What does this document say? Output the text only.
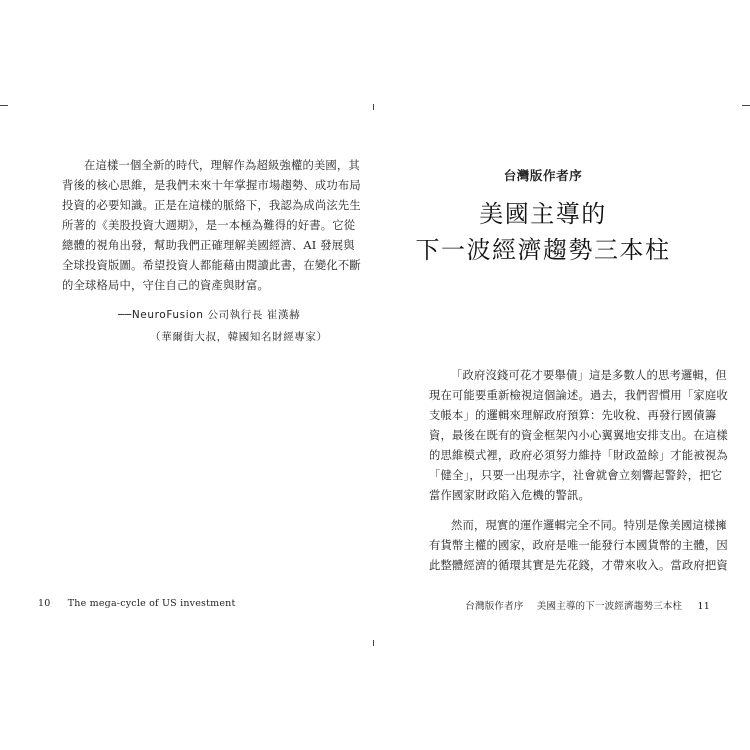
在這樣一個全新的時代，理解作為超級強權的美國，其
背後的核心思維，是我們未來十年掌握市場趨勢、成功布局
投資的必要知識。正是在這樣的脈絡下，我認為成尚泫先生
所著的《美股投資大週期》，是一本極為難得的好書。它從
總體的視角出發，幫助我們正確理解美國經濟、AI 發展與
全球投資版圖。希望投資人都能藉由閱讀此書，在變化不斷
的全球格局中，守住自己的資產與財富。
──NeuroFusion 公司執行長 崔漢赫
（華爾街大叔，韓國知名財經專家）
10 The mega-cycle of US investment
台灣版作者序
美國主導的
下一波經濟趨勢三本柱
「政府沒錢可花才要舉債」這是多數人的思考邏輯，但
現在可能要重新檢視這個論述。過去，我們習慣用「家庭收
支帳本」的邏輯來理解政府預算：先收稅、再發行國債籌
資，最後在既有的資金框架內小心翼翼地安排支出。在這樣
的思維模式裡，政府必須努力維持「財政盈餘」才能被視為
「健全」，只要一出現赤字，社會就會立刻響起警鈴，把它
當作國家財政陷入危機的警訊。
然而，現實的運作邏輯完全不同。特別是像美國這樣擁
有貨幣主權的國家，政府是唯一能發行本國貨幣的主體，因
此整體經濟的循環其實是先花錢，才帶來收入。當政府把資
台灣版作者序 美國主導的下一波經濟趨勢三本柱 11
